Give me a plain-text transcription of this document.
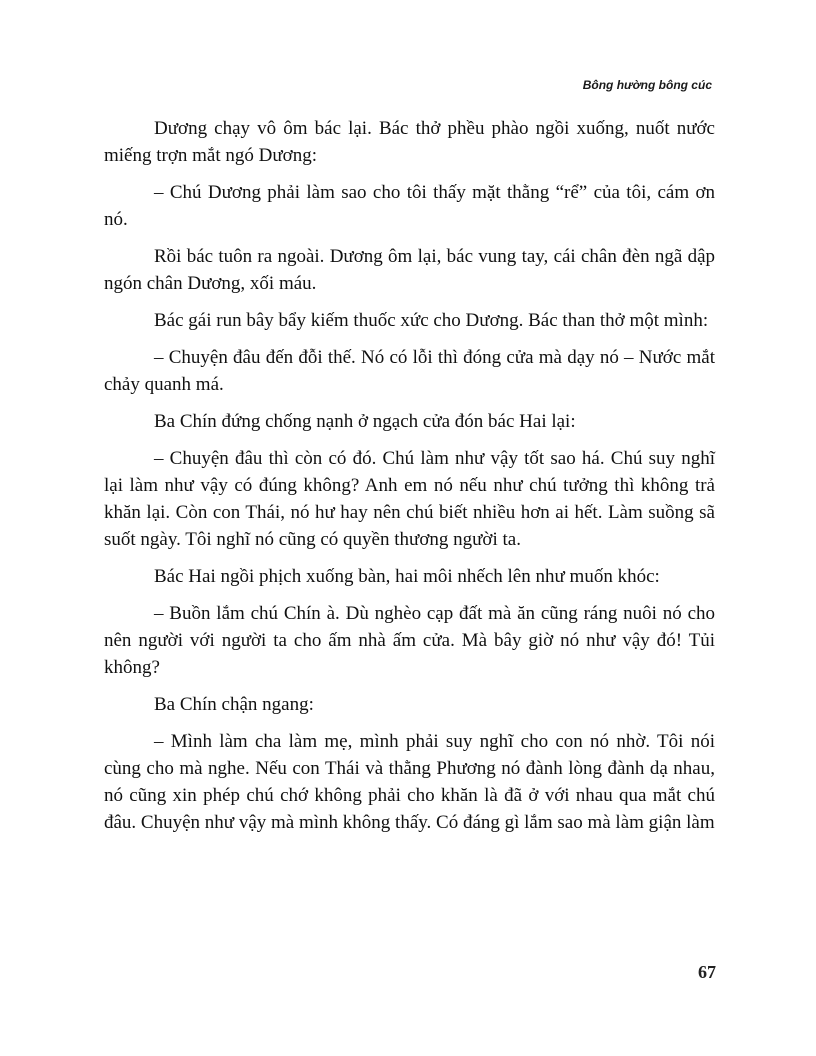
Bông hường bông cúc

Dương chạy vô ôm bác lại. Bác thở phều phào ngồi xuống, nuốt nước miếng trợn mắt ngó Dương:

– Chú Dương phải làm sao cho tôi thấy mặt thằng “rể” của tôi, cám ơn nó.

Rồi bác tuôn ra ngoài. Dương ôm lại, bác vung tay, cái chân đèn ngã dập ngón chân Dương, xối máu.

Bác gái run bây bẩy kiếm thuốc xức cho Dương. Bác than thở một mình:

– Chuyện đâu đến đỗi thế. Nó có lỗi thì đóng cửa mà dạy nó – Nước mắt chảy quanh má.

Ba Chín đứng chống nạnh ở ngạch cửa đón bác Hai lại:

– Chuyện đâu thì còn có đó. Chú làm như vậy tốt sao há. Chú suy nghĩ lại làm như vậy có đúng không? Anh em nó nếu như chú tưởng thì không trả khăn lại. Còn con Thái, nó hư hay nên chú biết nhiều hơn ai hết. Làm suồng sã suốt ngày. Tôi nghĩ nó cũng có quyền thương người ta.

Bác Hai ngồi phịch xuống bàn, hai môi nhếch lên như muốn khóc:

– Buồn lắm chú Chín à. Dù nghèo cạp đất mà ăn cũng ráng nuôi nó cho nên người với người ta cho ấm nhà ấm cửa. Mà bây giờ nó như vậy đó! Tủi không?

Ba Chín chận ngang:

– Mình làm cha làm mẹ, mình phải suy nghĩ cho con nó nhờ. Tôi nói cùng cho mà nghe. Nếu con Thái và thằng Phương nó đành lòng đành dạ nhau, nó cũng xin phép chú chớ không phải cho khăn là đã ở với nhau qua mắt chú đâu. Chuyện như vậy mà mình không thấy. Có đáng gì lắm sao mà làm giận làm

67
